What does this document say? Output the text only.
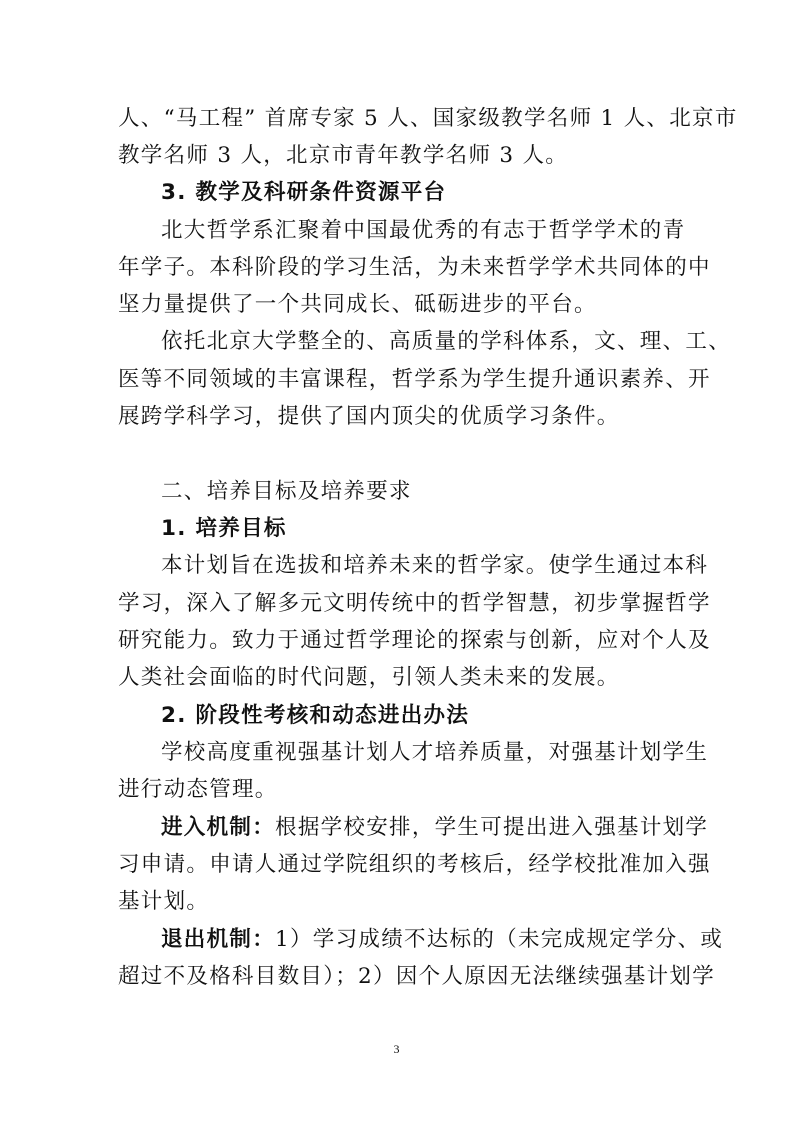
人、“马工程” 首席专家 5 人、国家级教学名师 1 人、北京市
教学名师 3 人，北京市青年教学名师 3 人。
3. 教学及科研条件资源平台
北大哲学系汇聚着中国最优秀的有志于哲学学术的青
年学子。本科阶段的学习生活，为未来哲学学术共同体的中
坚力量提供了一个共同成长、砥砺进步的平台。
依托北京大学整全的、高质量的学科体系，文、理、工、
医等不同领域的丰富课程，哲学系为学生提升通识素养、开
展跨学科学习，提供了国内顶尖的优质学习条件。
二、培养目标及培养要求
1. 培养目标
本计划旨在选拔和培养未来的哲学家。使学生通过本科
学习，深入了解多元文明传统中的哲学智慧，初步掌握哲学
研究能力。致力于通过哲学理论的探索与创新，应对个人及
人类社会面临的时代问题，引领人类未来的发展。
2. 阶段性考核和动态进出办法
学校高度重视强基计划人才培养质量，对强基计划学生
进行动态管理。
进入机制： 根据学校安排，学生可提出进入强基计划学
习申请。申请人通过学院组织的考核后，经学校批准加入强
基计划。
退出机制： 1）学习成绩不达标的（未完成规定学分、或
超过不及格科目数目）；2）因个人原因无法继续强基计划学
3
